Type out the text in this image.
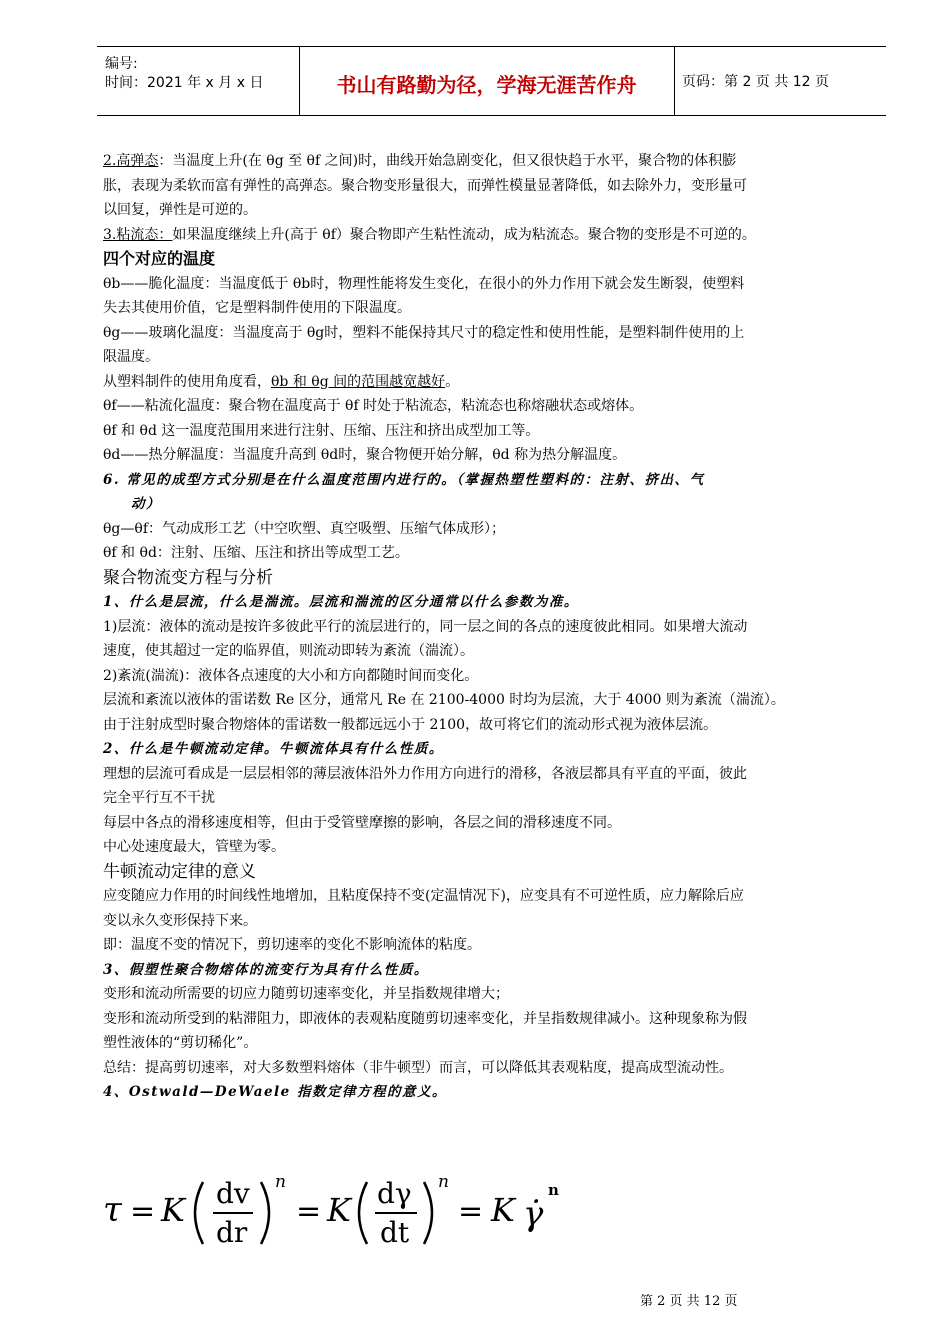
编号:
时间：2021 年 x 月 x 日	书山有路勤为径，学海无涯苦作舟	页码：第 2 页 共 12 页
2.高弹态：当温度上升(在 θg 至 θf 之间)时，曲线开始急剧变化，但又很快趋于水平，聚合物的体积膨
胀，表现为柔软而富有弹性的高弹态。聚合物变形量很大，而弹性模量显著降低，如去除外力，变形量可
以回复，弹性是可逆的。
3.粘流态：如果温度继续上升(高于 θf）聚合物即产生粘性流动，成为粘流态。聚合物的变形是不可逆的。
四个对应的温度
θb——脆化温度：当温度低于 θb时，物理性能将发生变化，在很小的外力作用下就会发生断裂，使塑料
失去其使用价值，它是塑料制件使用的下限温度。
θg——玻璃化温度：当温度高于 θg时，塑料不能保持其尺寸的稳定性和使用性能，是塑料制件使用的上
限温度。
从塑料制件的使用角度看，θb 和 θg 间的范围越宽越好。
θf——粘流化温度：聚合物在温度高于 θf 时处于粘流态，粘流态也称熔融状态或熔体。
θf 和 θd 这一温度范围用来进行注射、压缩、压注和挤出成型加工等。
θd——热分解温度：当温度升高到 θd时，聚合物便开始分解，θd 称为热分解温度。
6. 常见的成型方式分别是在什么温度范围内进行的。（掌握热塑性塑料的：注射、挤出、气
动）
θg—θf：气动成形工艺（中空吹塑、真空吸塑、压缩气体成形）；
θf 和 θd：注射、压缩、压注和挤出等成型工艺。
聚合物流变方程与分析
1、什么是层流，什么是湍流。层流和湍流的区分通常以什么参数为准。
1)层流：液体的流动是按许多彼此平行的流层进行的，同一层之间的各点的速度彼此相同。如果增大流动
速度，使其超过一定的临界值，则流动即转为紊流（湍流）。
2)紊流(湍流)：液体各点速度的大小和方向都随时间而变化。
层流和紊流以液体的雷诺数 Re 区分，通常凡 Re 在 2100-4000 时均为层流，大于 4000 则为紊流（湍流）。
由于注射成型时聚合物熔体的雷诺数一般都远远小于 2100，故可将它们的流动形式视为液体层流。
2、什么是牛顿流动定律。牛顿流体具有什么性质。
理想的层流可看成是一层层相邻的薄层液体沿外力作用方向进行的滑移，各液层都具有平直的平面，彼此
完全平行互不干扰
每层中各点的滑移速度相等，但由于受管壁摩擦的影响，各层之间的滑移速度不同。
中心处速度最大，管壁为零。
牛顿流动定律的意义
应变随应力作用的时间线性地增加，且粘度保持不变(定温情况下)，应变具有不可逆性质，应力解除后应
变以永久变形保持下来。
即：温度不变的情况下，剪切速率的变化不影响流体的粘度。
3、假塑性聚合物熔体的流变行为具有什么性质。
变形和流动所需要的切应力随剪切速率变化，并呈指数规律增大；
变形和流动所受到的粘滞阻力，即液体的表观粘度随剪切速率变化，并呈指数规律减小。这种现象称为假
塑性液体的“剪切稀化”。
总结：提高剪切速率，对大多数塑料熔体（非牛顿型）而言，可以降低其表观粘度，提高成型流动性。
4、Ostwald—DeWaele 指数定律方程的意义。
τ = K dv
dr
n
= K dγ
dt
n
= K γ̇
n
第 2 页 共 12 页
